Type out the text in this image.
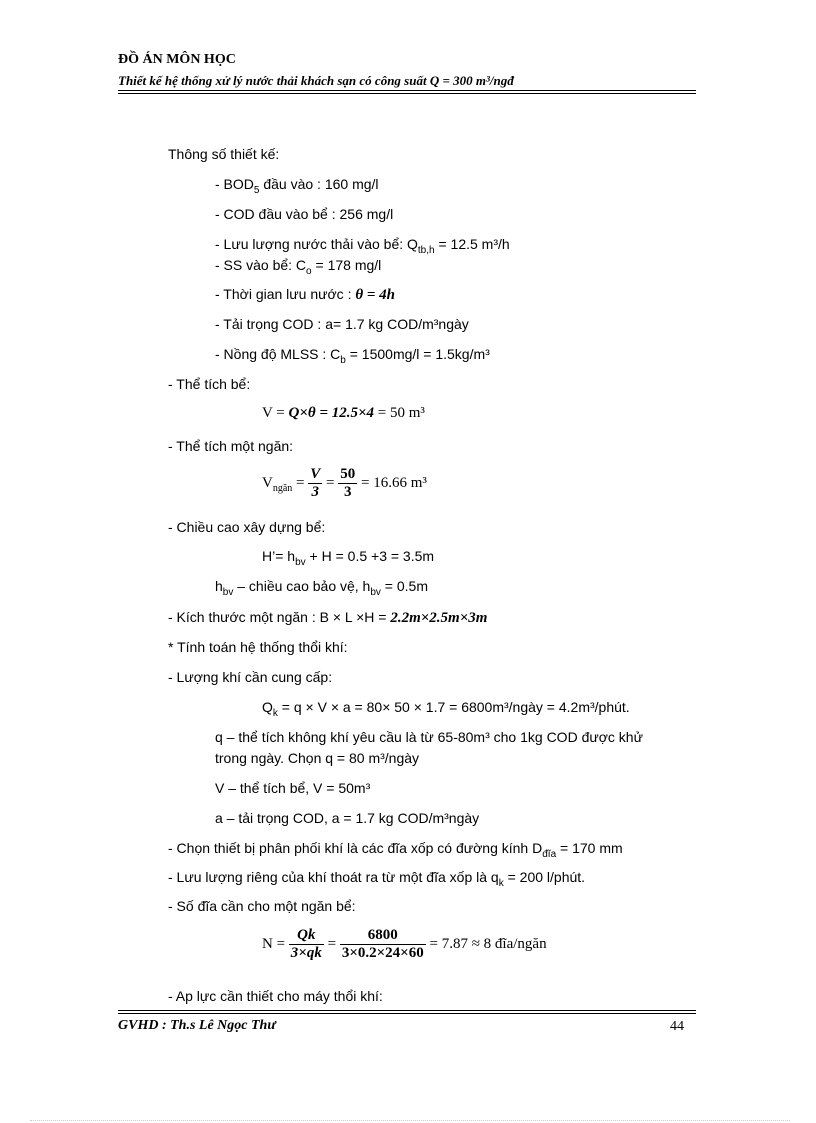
ĐỒ ÁN MÔN HỌC
Thiết kế hệ thống xử lý nước thải khách sạn có công suất Q = 300 m³/ngđ
Thông số thiết kế:
- $BOD_5$ đầu vào : 160 mg/l
- COD đầu vào bể : 256 mg/l
- Lưu lượng nước thải vào bể: $Q_{tb,h} = 12.5$ m³/h
- SS vào bể: $C_o = 178$ mg/l
- Thời gian lưu nước : θ = 4h
- Tải trọng COD : a= 1.7 kg COD/m³ngày
- Nồng độ MLSS : $C_b = 1500mg/l = 1.5kg/m^3$
- Thể tích bể:
V = Q×θ = 12.5×4 = 50 m³
- Thể tích một ngăn:
$V_{ngăn} = \frac{V}{3} = \frac{50}{3} = 16.66$ m³
- Chiều cao xây dựng bể:
H’= $h_{bv} + H = 0.5 +3 = 3.5m$
$h_{bv}$ – chiều cao bảo vệ, $h_{bv} = 0.5m$
- Kích thước một ngăn : B × L ×H = 2.2m×2.5m×3m
* Tính toán hệ thống thổi khí:
- Lượng khí cần cung cấp:
$Q_k = q \times V \times a = 80\times 50 \times 1.7$ = 6800m³/ngày = 4.2m³/phút.
q – thể tích không khí yêu cầu là từ 65-80m³ cho 1kg COD được khử
trong ngày. Chọn q = 80 m³/ngày
V – thể tích bể, V = 50m³
a – tải trọng COD, a = 1.7 kg COD/m³ngày
- Chọn thiết bị phân phối khí là các đĩa xốp có đường kính $D_{đĩa} = 170$ mm
- Lưu lượng riêng của khí thoát ra từ một đĩa xốp là $q_k = 200$ l/phút.
- Số đĩa cần cho một ngăn bể:
$N = \frac{Qk}{3\times qk} = \frac{6800}{3\times 0.2\times 24\times 60} = 7.87 \approx 8$ đĩa/ngăn
- Ap lực cần thiết cho máy thổi khí:
GVHD : Th.s Lê Ngọc Thư	44
